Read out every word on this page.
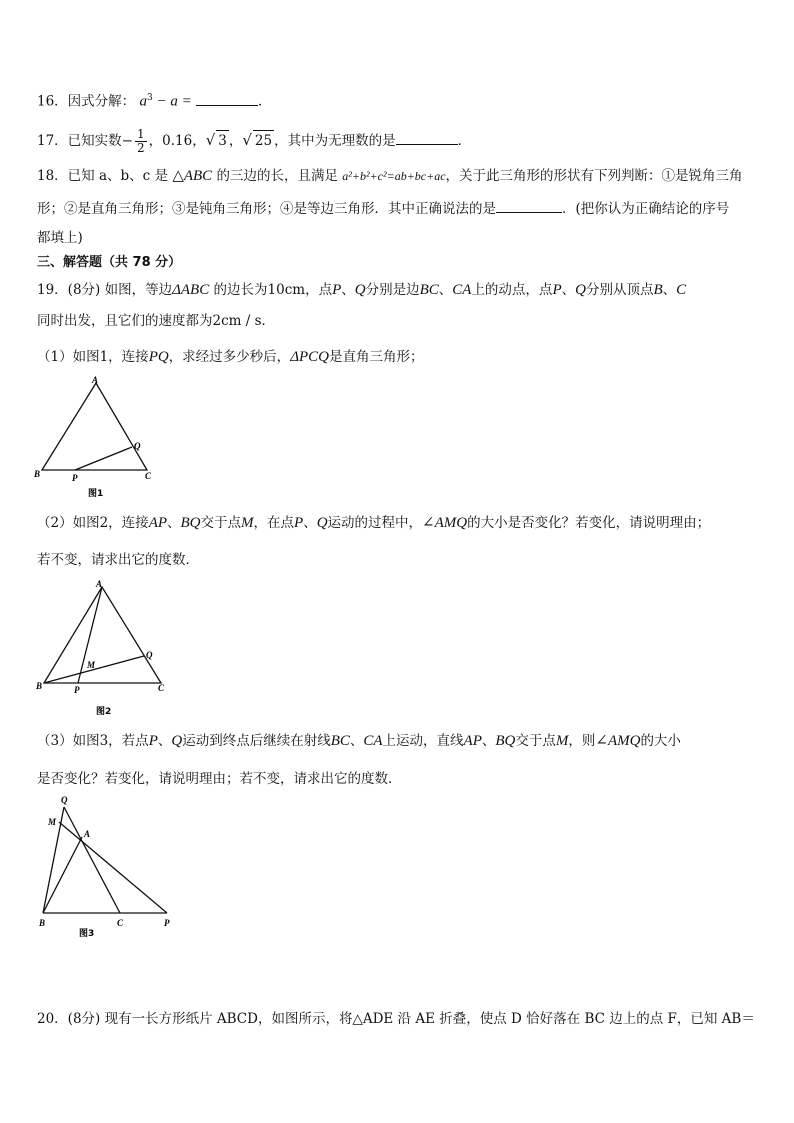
16．因式分解： $a^3 - a$ =	．
17．已知实数− $\frac{1}{2}$ ，0.16，√ 3 ，√ 25 ，其中为无理数的是	．
18．已知 a、b、c 是 △ABC 的三边的长，且满足 a²+b²+c²=ab+bc+ac，关于此三角形的形状有下列判断：①是锐角三角
形；②是直角三角形；③是钝角三角形；④是等边三角形．其中正确说法的是	．(把你认为正确结论的序号
都填上)
三、解答题（共 78 分）
19．(8分) 如图，等边ΔABC 的边长为10cm，点P、Q分别是边BC、CA上的动点，点P、Q分别从顶点B、C
同时出发，且它们的速度都为2cm / s．
（1）如图1，连接PQ，求经过多少秒后，ΔPCQ是直角三角形；
A
B	C
P
Q
图1
（2）如图2，连接AP、BQ交于点M，在点P、Q运动的过程中，∠AMQ的大小是否变化？若变化，请说明理由；
若不变，请求出它的度数．
A
B	C
P
Q
M
图2
（3）如图3，若点P、Q运动到终点后继续在射线BC、CA上运动，直线AP、BQ交于点M，则∠AMQ的大小
是否变化？若变化，请说明理由；若不变，请求出它的度数．
Q
M
A
B	C	P
图3
20．(8分) 现有一长方形纸片 ABCD，如图所示，将△ADE 沿 AE 折叠，使点 D 恰好落在 BC 边上的点 F，已知 AB＝
